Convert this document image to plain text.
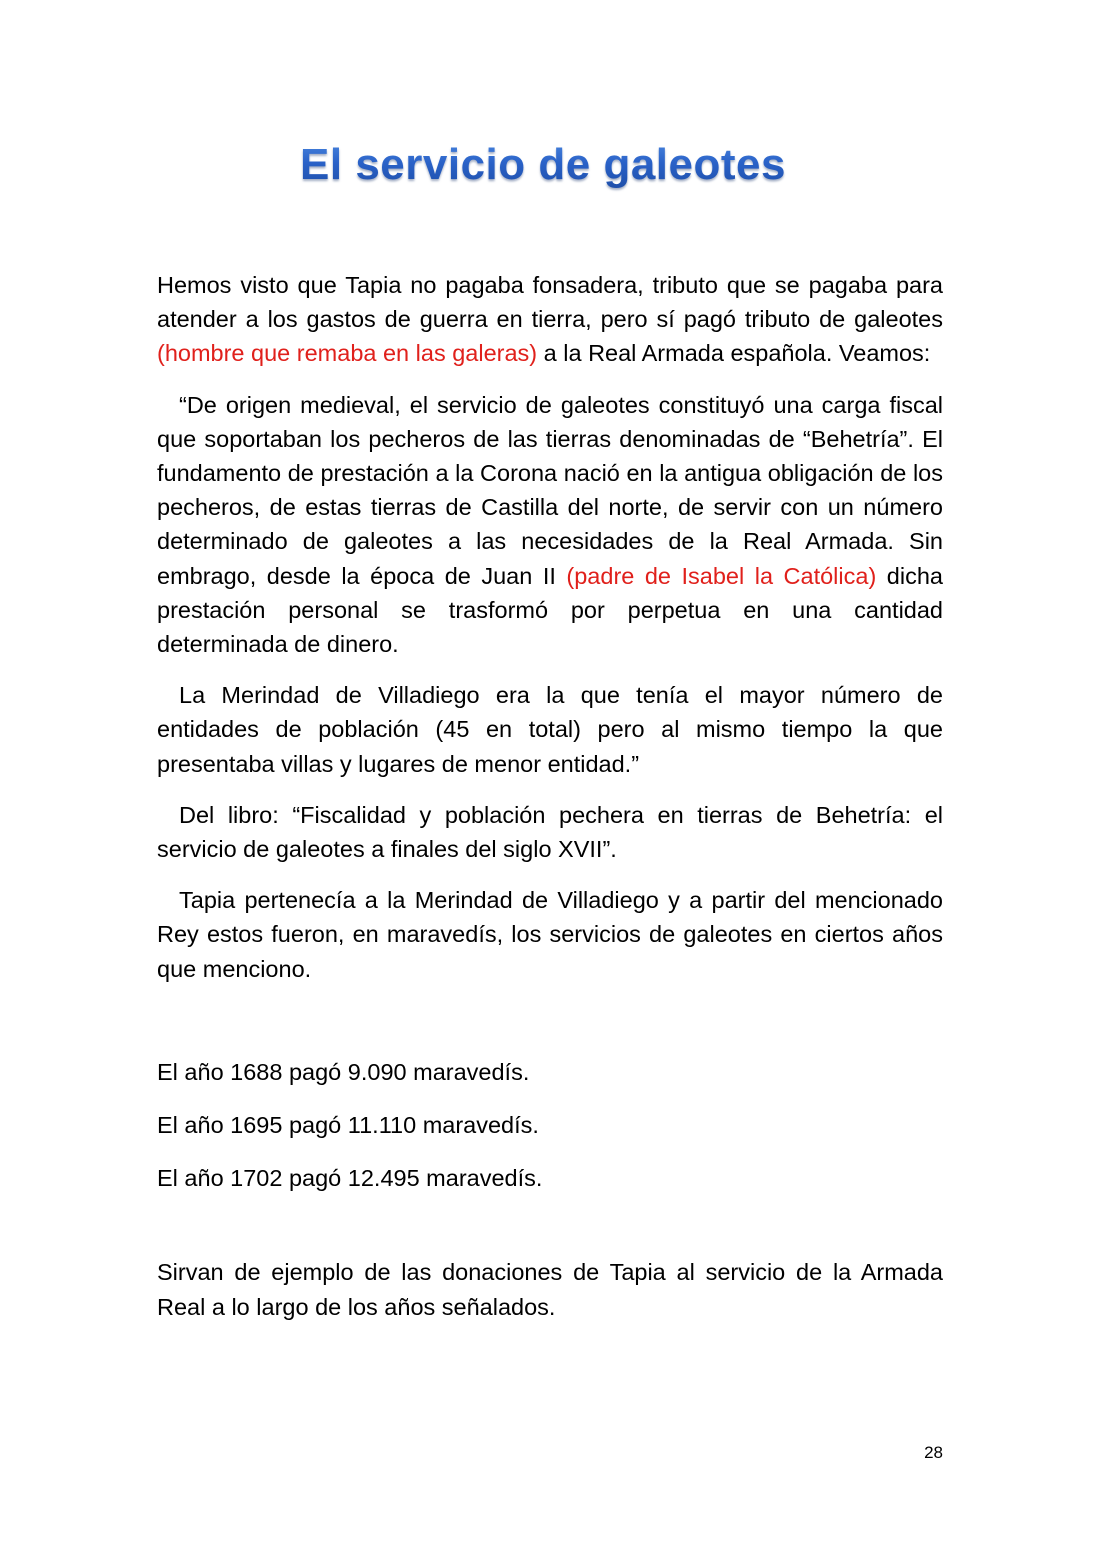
El servicio de galeotes

Hemos visto que Tapia no pagaba fonsadera, tributo que se pagaba para atender a los gastos de guerra en tierra, pero sí pagó tributo de galeotes (hombre que remaba en las galeras) a la Real Armada española. Veamos:

“De origen medieval, el servicio de galeotes constituyó una carga fiscal que soportaban los pecheros de las tierras denominadas de “Behetría”. El fundamento de prestación a la Corona nació en la antigua obligación de los pecheros, de estas tierras de Castilla del norte, de servir con un número determinado de galeotes a las necesidades de la Real Armada. Sin embrago, desde la época de Juan II (padre de Isabel la Católica) dicha prestación personal se trasformó por perpetua en una cantidad determinada de dinero.

La Merindad de Villadiego era la que tenía el mayor número de entidades de población (45 en total) pero al mismo tiempo la que presentaba villas y lugares de menor entidad.”

Del libro: “Fiscalidad y población pechera en tierras de Behetría: el servicio de galeotes a finales del siglo XVII”.

Tapia pertenecía a la Merindad de Villadiego y a partir del mencionado Rey estos fueron, en maravedís, los servicios de galeotes en ciertos años que menciono.

El año 1688 pagó 9.090 maravedís.

El año 1695 pagó 11.110 maravedís.

El año 1702 pagó 12.495 maravedís.

Sirvan de ejemplo de las donaciones de Tapia al servicio de la Armada Real a lo largo de los años señalados.

28
